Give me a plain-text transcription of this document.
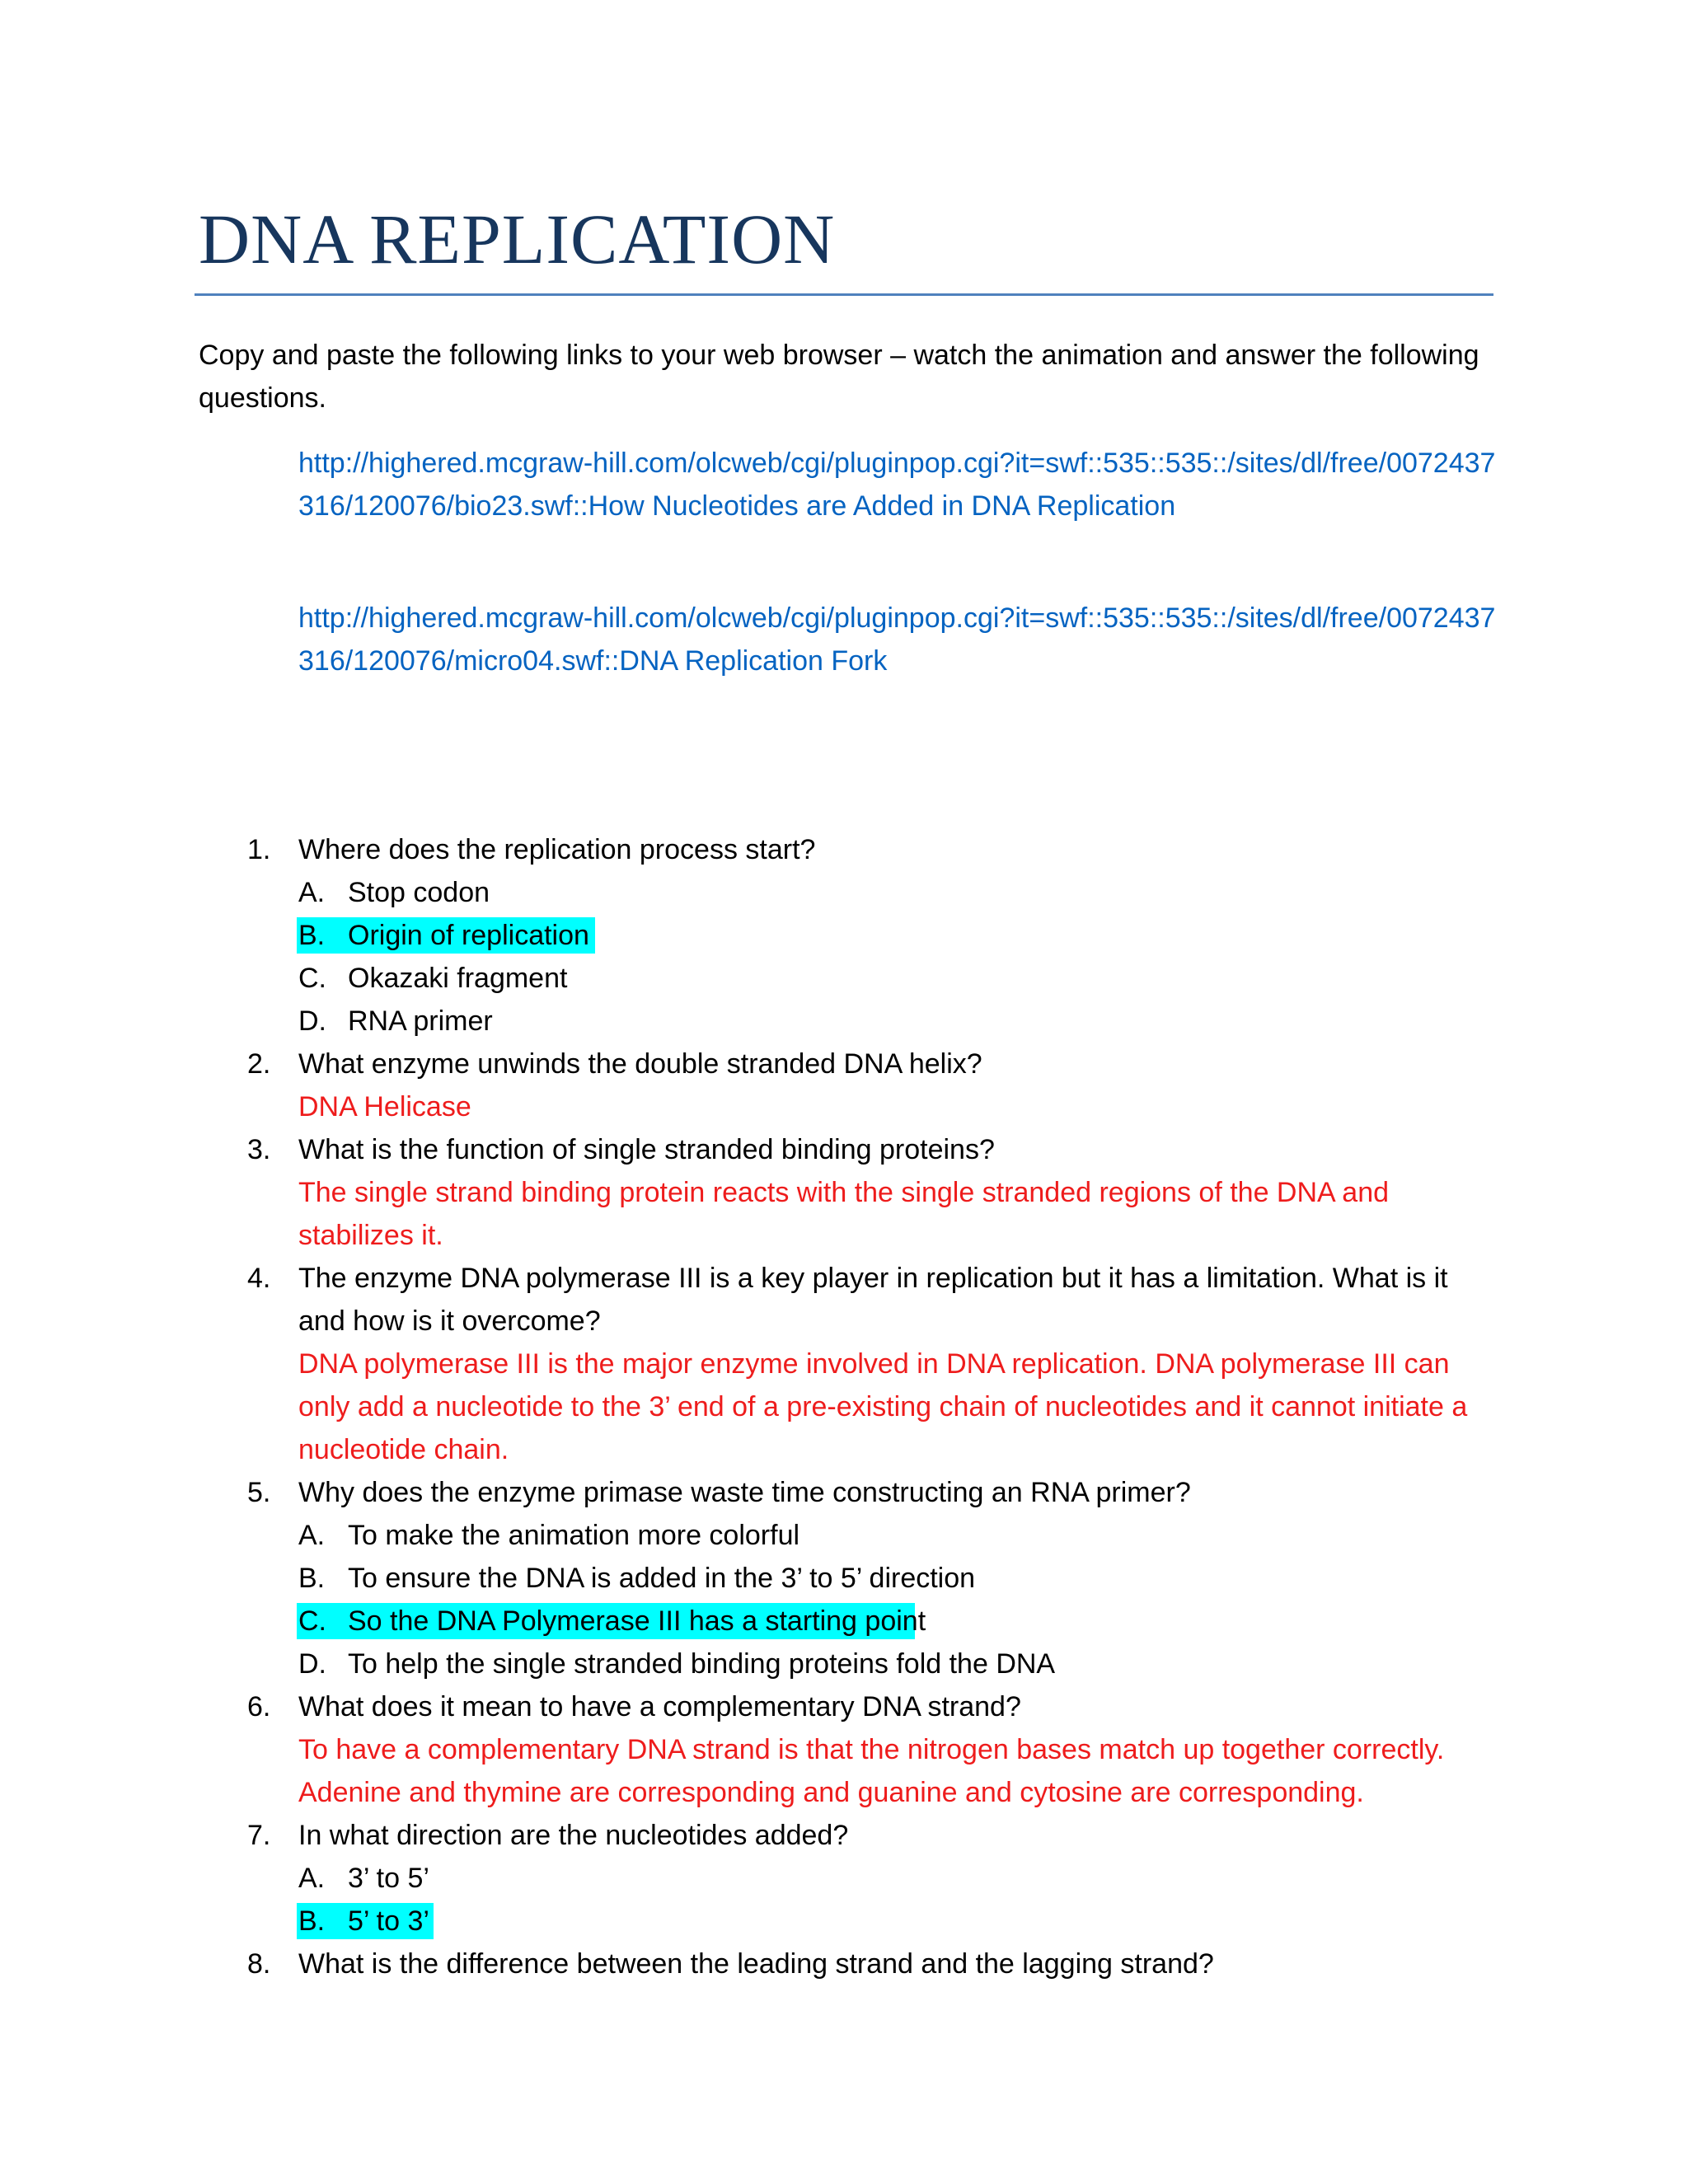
DNA REPLICATION
Copy and paste the following links to your web browser – watch the animation and answer the following questions.
http://highered.mcgraw-hill.com/olcweb/cgi/pluginpop.cgi?it=swf::535::535::/sites/dl/free/0072437316/120076/bio23.swf::How Nucleotides are Added in DNA Replication
http://highered.mcgraw-hill.com/olcweb/cgi/pluginpop.cgi?it=swf::535::535::/sites/dl/free/0072437316/120076/micro04.swf::DNA Replication Fork
1. Where does the replication process start?
A. Stop codon
B. Origin of replication
C. Okazaki fragment
D. RNA primer
2. What enzyme unwinds the double stranded DNA helix?
DNA Helicase
3. What is the function of single stranded binding proteins?
The single strand binding protein reacts with the single stranded regions of the DNA and
stabilizes it.
4. The enzyme DNA polymerase III is a key player in replication but it has a limitation. What is it
and how is it overcome?
DNA polymerase III is the major enzyme involved in DNA replication. DNA polymerase III can
only add a nucleotide to the 3’ end of a pre-existing chain of nucleotides and it cannot initiate a
nucleotide chain.
5. Why does the enzyme primase waste time constructing an RNA primer?
A. To make the animation more colorful
B. To ensure the DNA is added in the 3’ to 5’ direction
C. So the DNA Polymerase III has a starting point
D. To help the single stranded binding proteins fold the DNA
6. What does it mean to have a complementary DNA strand?
To have a complementary DNA strand is that the nitrogen bases match up together correctly.
Adenine and thymine are corresponding and guanine and cytosine are corresponding.
7. In what direction are the nucleotides added?
A. 3’ to 5’
B. 5’ to 3’
8. What is the difference between the leading strand and the lagging strand?
